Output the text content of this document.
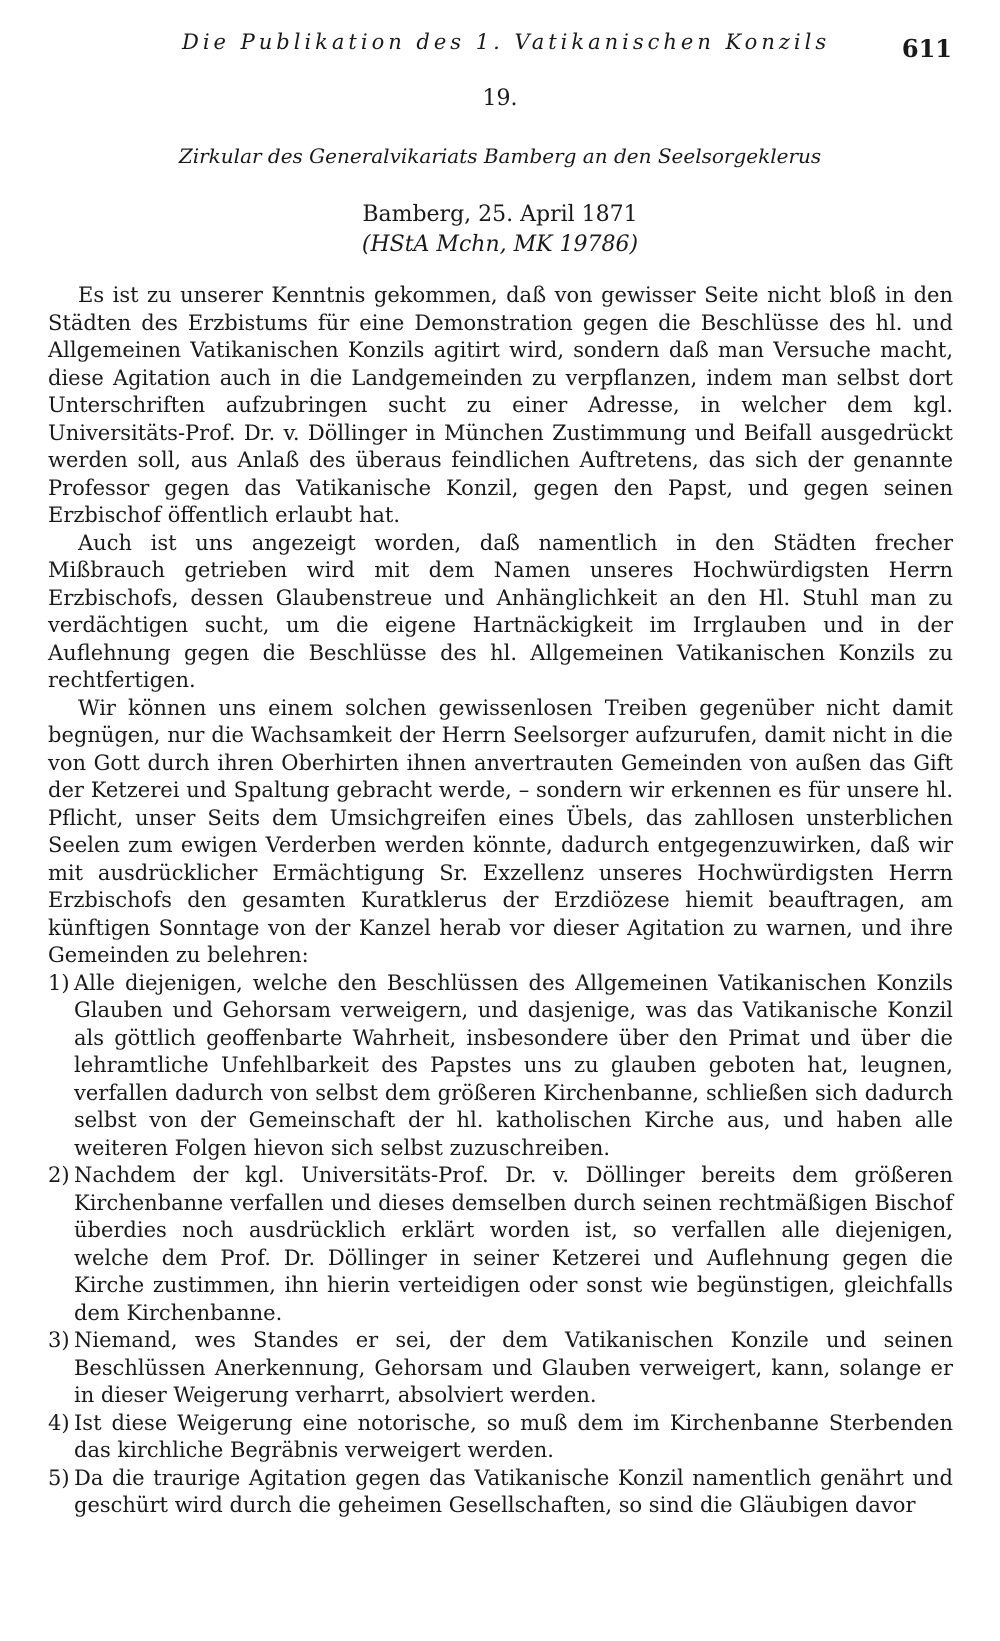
Die Publikation des 1. Vatikanischen Konzils	611
19.
Zirkular des Generalvikariats Bamberg an den Seelsorgeklerus
Bamberg, 25. April 1871
(HStA Mchn, MK 19786)

Es ist zu unserer Kenntnis gekommen, daß von gewisser Seite nicht bloß in den Städten des Erzbistums für eine Demonstration gegen die Beschlüsse des hl. und Allgemeinen Vatikanischen Konzils agitirt wird, sondern daß man Versuche macht, diese Agitation auch in die Landgemeinden zu verpflanzen, indem man selbst dort Unterschriften aufzubringen sucht zu einer Adresse, in welcher dem kgl. Universitäts-Prof. Dr. v. Döllinger in München Zustimmung und Beifall ausgedrückt werden soll, aus Anlaß des überaus feindlichen Auftretens, das sich der genannte Professor gegen das Vatikanische Konzil, gegen den Papst, und gegen seinen Erzbischof öffentlich erlaubt hat.

Auch ist uns angezeigt worden, daß namentlich in den Städten frecher Mißbrauch getrieben wird mit dem Namen unseres Hochwürdigsten Herrn Erzbischofs, dessen Glaubenstreue und Anhänglichkeit an den Hl. Stuhl man zu verdächtigen sucht, um die eigene Hartnäckigkeit im Irrglauben und in der Auflehnung gegen die Beschlüsse des hl. Allgemeinen Vatikanischen Konzils zu rechtfertigen.

Wir können uns einem solchen gewissenlosen Treiben gegenüber nicht damit begnügen, nur die Wachsamkeit der Herrn Seelsorger aufzurufen, damit nicht in die von Gott durch ihren Oberhirten ihnen anvertrauten Gemeinden von außen das Gift der Ketzerei und Spaltung gebracht werde, – sondern wir erkennen es für unsere hl. Pflicht, unser Seits dem Umsichgreifen eines Übels, das zahllosen unsterblichen Seelen zum ewigen Verderben werden könnte, dadurch entgegenzuwirken, daß wir mit ausdrücklicher Ermächtigung Sr. Exzellenz unseres Hochwürdigsten Herrn Erzbischofs den gesamten Kuratklerus der Erzdiözese hiemit beauftragen, am künftigen Sonntage von der Kanzel herab vor dieser Agitation zu warnen, und ihre Gemeinden zu belehren:

1) Alle diejenigen, welche den Beschlüssen des Allgemeinen Vatikanischen Konzils Glauben und Gehorsam verweigern, und dasjenige, was das Vatikanische Konzil als göttlich geoffenbarte Wahrheit, insbesondere über den Primat und über die lehramtliche Unfehlbarkeit des Papstes uns zu glauben geboten hat, leugnen, verfallen dadurch von selbst dem größeren Kirchenbanne, schließen sich dadurch selbst von der Gemeinschaft der hl. katholischen Kirche aus, und haben alle weiteren Folgen hievon sich selbst zuzuschreiben.
2) Nachdem der kgl. Universitäts-Prof. Dr. v. Döllinger bereits dem größeren Kirchenbanne verfallen und dieses demselben durch seinen rechtmäßigen Bischof überdies noch ausdrücklich erklärt worden ist, so verfallen alle diejenigen, welche dem Prof. Dr. Döllinger in seiner Ketzerei und Auflehnung gegen die Kirche zustimmen, ihn hierin verteidigen oder sonst wie begünstigen, gleichfalls dem Kirchenbanne.
3) Niemand, wes Standes er sei, der dem Vatikanischen Konzile und seinen Beschlüssen Anerkennung, Gehorsam und Glauben verweigert, kann, solange er in dieser Weigerung verharrt, absolviert werden.
4) Ist diese Weigerung eine notorische, so muß dem im Kirchenbanne Sterbenden das kirchliche Begräbnis verweigert werden.
5) Da die traurige Agitation gegen das Vatikanische Konzil namentlich genährt und geschürt wird durch die geheimen Gesellschaften, so sind die Gläubigen davor
